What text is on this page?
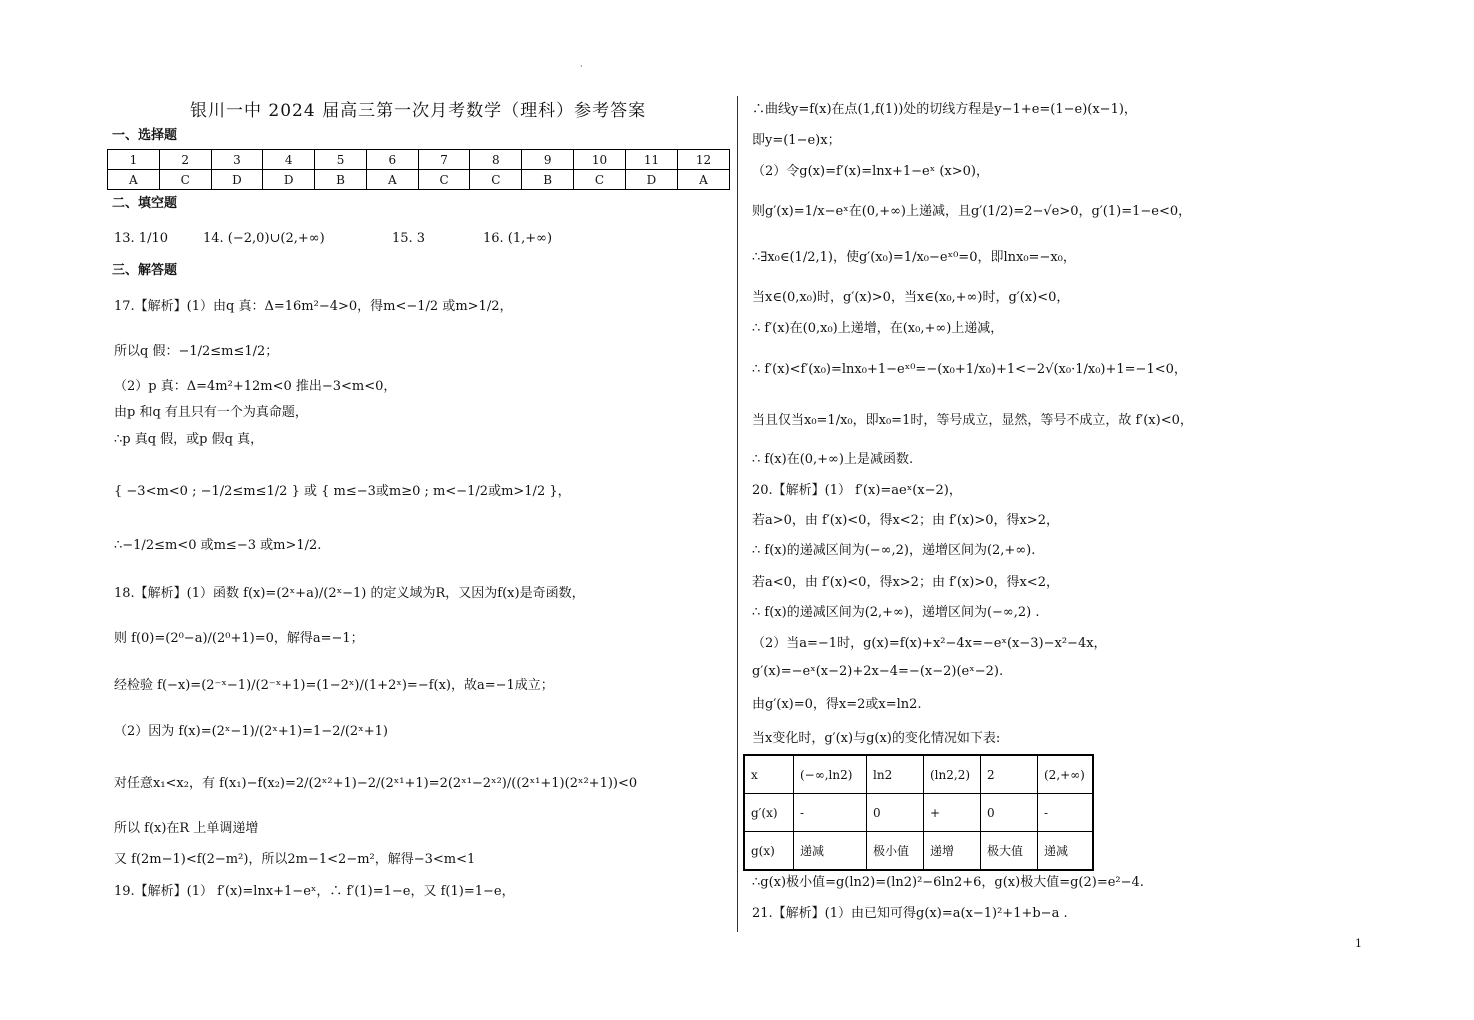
·
银川一中 2024 届高三第一次月考数学（理科）参考答案
一、选择题
1	2	3	4	5	6	7	8	9	10	11	12
A	C	D	D	B	A	C	C	B	C	D	A
二、填空题
13. 1/10	14. (−2,0)∪(2,+∞)	15. 3	16. (1,+∞)
三、解答题
17.【解析】(1）由q 真：Δ=16m²−4>0，得m<−1/2 或m>1/2，
所以q 假：−1/2≤m≤1/2；
（2）p 真：Δ=4m²+12m<0 推出−3<m<0，
由p 和q 有且只有一个为真命题，
∴p 真q 假，或p 假q 真，
{ −3<m<0 ; −1/2≤m≤1/2 } 或 { m≤−3或m≥0 ; m<−1/2或m>1/2 }，
∴−1/2≤m<0 或m≤−3 或m>1/2.
18.【解析】(1）函数 f(x)=(2ˣ+a)/(2ˣ−1) 的定义域为R，又因为f(x)是奇函数，
则 f(0)=(2⁰−a)/(2⁰+1)=0，解得a=−1；
经检验 f(−x)=(2⁻ˣ−1)/(2⁻ˣ+1)=(1−2ˣ)/(1+2ˣ)=−f(x)，故a=−1成立；
（2）因为 f(x)=(2ˣ−1)/(2ˣ+1)=1−2/(2ˣ+1)
对任意x₁<x₂，有 f(x₁)−f(x₂)=2/(2ˣ²+1)−2/(2ˣ¹+1)=2(2ˣ¹−2ˣ²)/((2ˣ¹+1)(2ˣ²+1))<0
所以 f(x)在R 上单调递增
又 f(2m−1)<f(2−m²)，所以2m−1<2−m²，解得−3<m<1
19.【解析】(1） f′(x)=lnx+1−eˣ，∴ f′(1)=1−e，又 f(1)=1−e，
∴曲线y=f(x)在点(1,f(1))处的切线方程是y−1+e=(1−e)(x−1)，
即y=(1−e)x；
（2）令g(x)=f′(x)=lnx+1−eˣ (x>0)，
则g′(x)=1/x−eˣ在(0,+∞)上递减，且g′(1/2)=2−√e>0，g′(1)=1−e<0，
∴∃x₀∈(1/2,1)，使g′(x₀)=1/x₀−eˣ⁰=0，即lnx₀=−x₀，
当x∈(0,x₀)时，g′(x)>0，当x∈(x₀,+∞)时，g′(x)<0，
∴ f′(x)在(0,x₀)上递增，在(x₀,+∞)上递减，
∴ f′(x)<f′(x₀)=lnx₀+1−eˣ⁰=−(x₀+1/x₀)+1<−2√(x₀·1/x₀)+1=−1<0，
当且仅当x₀=1/x₀，即x₀=1时，等号成立，显然，等号不成立，故 f′(x)<0，
∴ f(x)在(0,+∞)上是减函数.
20.【解析】(1） f′(x)=aeˣ(x−2)，
若a>0，由 f′(x)<0，得x<2；由 f′(x)>0，得x>2，
∴ f(x)的递减区间为(−∞,2)，递增区间为(2,+∞).
若a<0，由 f′(x)<0，得x>2；由 f′(x)>0，得x<2，
∴ f(x)的递减区间为(2,+∞)，递增区间为(−∞,2) .
（2）当a=−1时，g(x)=f(x)+x²−4x=−eˣ(x−3)−x²−4x，
g′(x)=−eˣ(x−2)+2x−4=−(x−2)(eˣ−2).
由g′(x)=0，得x=2或x=ln2.
当x变化时，g′(x)与g(x)的变化情况如下表:
x	(−∞,ln2)	ln2	(ln2,2)	2	(2,+∞)
g′(x)	-	0	+	0	-
g(x)	递减	极小值	递增	极大值	递减
∴g(x)极小值=g(ln2)=(ln2)²−6ln2+6，g(x)极大值=g(2)=e²−4.
21.【解析】(1）由已知可得g(x)=a(x−1)²+1+b−a .
1
